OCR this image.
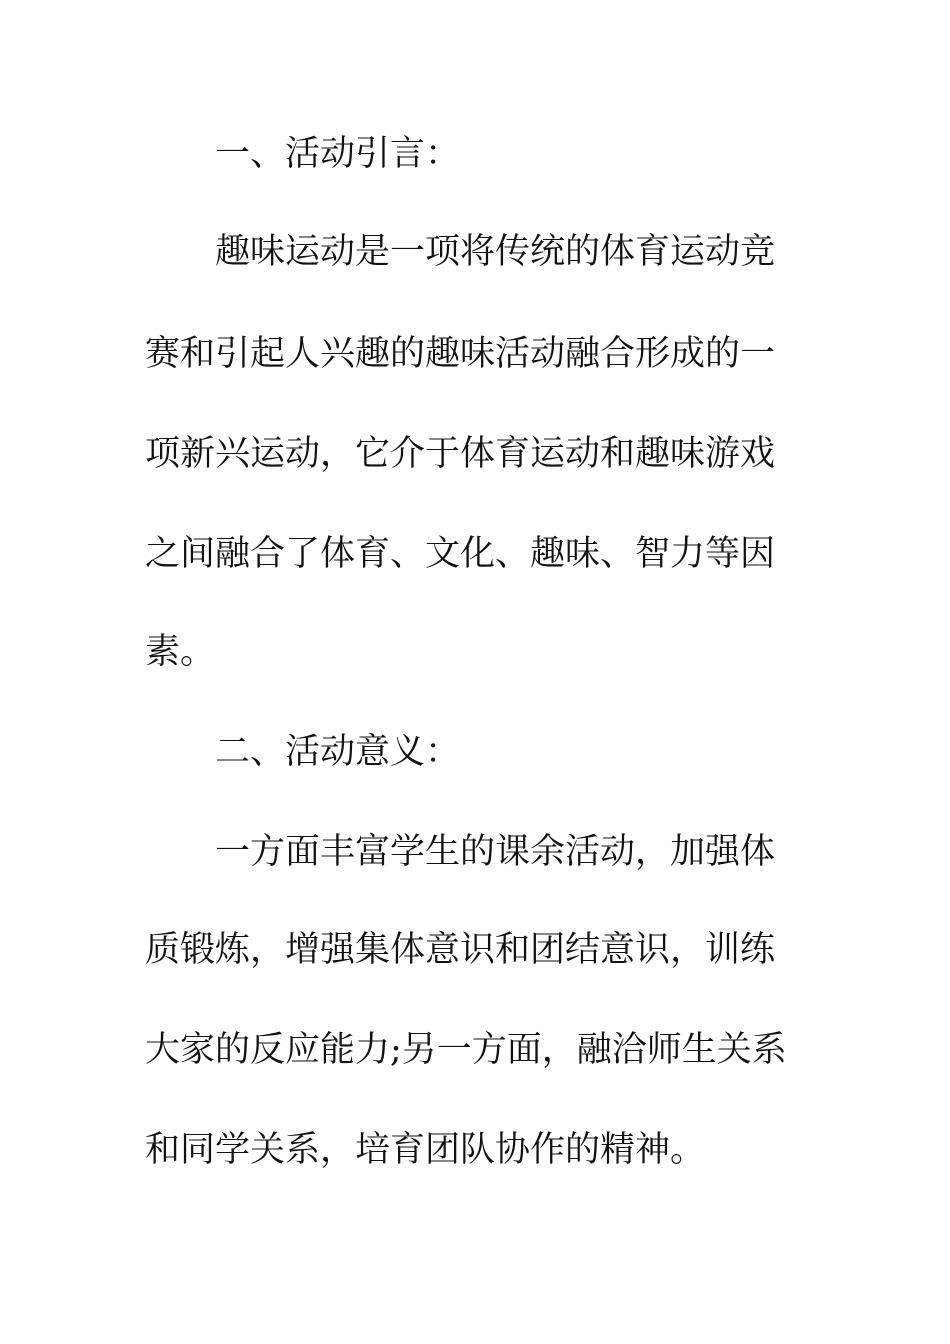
一、活动引言：
趣味运动是一项将传统的体育运动竞
赛和引起人兴趣的趣味活动融合形成的一
项新兴运动，它介于体育运动和趣味游戏
之间融合了体育、文化、趣味、智力等因
素。
二、活动意义：
一方面丰富学生的课余活动，加强体
质锻炼，增强集体意识和团结意识，训练
大家的反应能力;另一方面，融洽师生关系
和同学关系，培育团队协作的精神。
